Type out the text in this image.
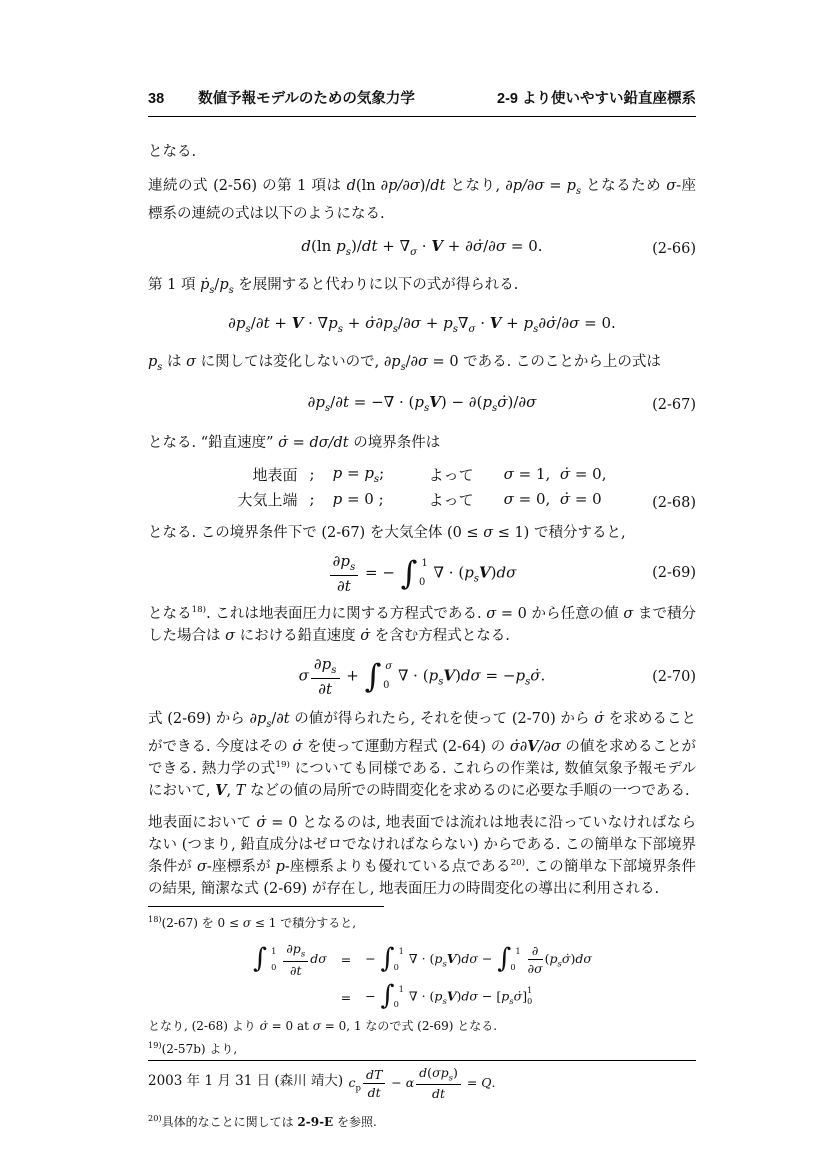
38 数値予報モデルのための気象力学	2-9 より使いやすい鉛直座標系
となる.
連続の式 (2-56) の第 1 項は d(ln ∂p/∂σ)/dt となり, $\partial p/\partial\sigma = p_s$ となるため σ-座標系の連続の式は以下のようになる.
d(ln $p_s)/dt + \nabla_\sigma \cdot V$ + ∂σ̇/∂σ = 0.	(2-66)
第 1 項 $ṗ_s/p_s$ を展開すると代わりに以下の式が得られる.
$\partial p_s/\partial t + V \cdot \nabla p_s$ + $\sigmȧ\partial p_s/\partial\sigma + p_s\nabla_\sigma \cdot V$ + $p_s\partial\sigmȧ/\partial\sigma = 0$.
$p_s$ は σ に関しては変化しないので, $\partial p_s/\partial\sigma = 0$ である. このことから上の式は
$\partial p_s/\partial t$ = −∇ · $(p_sV)$ − $\partial(p_s\sigmȧ)/\partial\sigma$	(2-67)
となる. “鉛直速度” σ̇ = dσ/dt の境界条件は
地表面	;	$p = p_s$;	よって	σ = 1,  σ̇ = 0,
大気上端	;	p = 0 ;	よって	σ = 0,  σ̇ = 0	(2-68)
となる. この境界条件下で (2-67) を大気全体 (0 ≤ σ ≤ 1) で積分すると,
$\frac{\partial p_s}{\partial t}$ = − ∫ 1
0
∇ · $(p_sV)d\sigma$	(2-69)
となる$^{18)}$. これは地表面圧力に関する方程式である. σ = 0 から任意の値 σ まで積分した場合は σ における鉛直速度 σ̇ を含む方程式となる.
σ $\frac{\partial p_s}{\partial t}$ + ∫ σ
0
∇ · $(p_sV)d\sigma$ = $-p_s\sigmȧ$.	(2-70)
式 (2-69) から $\partial p_s/\partial t$ の値が得られたら, それを使って (2-70) から σ̇ を求めることができる. 今度はその σ̇ を使って運動方程式 (2-64) の σ̇∂V/∂σ の値を求めることができる. 熱力学の式$^{19)}$ についても同様である. これらの作業は, 数値気象予報モデルにおいて, V, T などの値の局所での時間変化を求めるのに必要な手順の一つである.
地表面において σ̇ = 0 となるのは, 地表面では流れは地表に沿っていなければならない (つまり, 鉛直成分はゼロでなければならない) からである. この簡単な下部境界条件が σ-座標系が p-座標系よりも優れている点である$^{20)}$. この簡単な下部境界条件の結果, 簡潔な式 (2-69) が存在し, 地表面圧力の時間変化の導出に利用される.
$^{18)}$(2-67) を 0 ≤ σ ≤ 1 で積分すると,
∫ 1
0
$\frac{\partial p_s}{\partial t}$ dσ	=	− ∫ 1
0
∇ · $(p_sV)d\sigma$ − ∫ 1
0

∂
∂σ
$(p_s\sigmȧ)d\sigma$
	=	− ∫ 1
0
∇ · $(p_sV)d\sigma$ − $[p_s\sigmȧ]$ 1
0
となり, (2-68) より σ̇ = 0 at σ = 0, 1 なので式 (2-69) となる.
$^{19)}$(2-57b) より,
$c_p \frac{dT}{dt} - \alpha$
$d(\sigma p_s)$
dt
= Q.
$^{20)}$具体的なことに関しては 2-9-E を参照.
2003 年 1 月 31 日 (森川 靖大)
